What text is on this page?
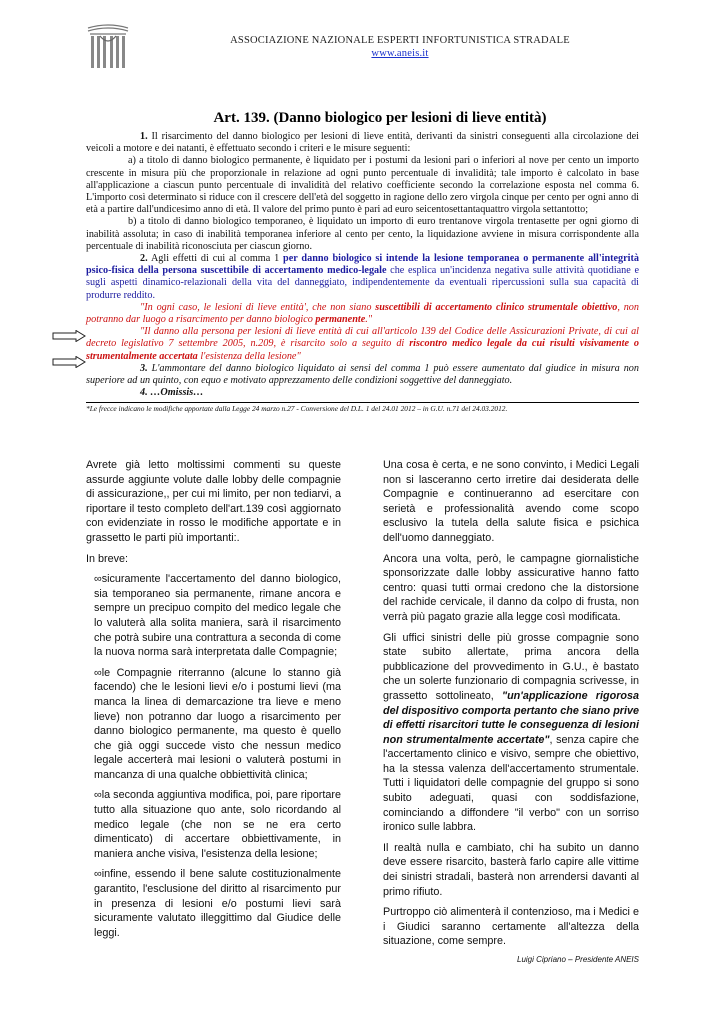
ASSOCIAZIONE NAZIONALE ESPERTI INFORTUNISTICA STRADALE
www.aneis.it
Art. 139. (Danno biologico per lesioni di lieve entità)

1. Il risarcimento del danno biologico per lesioni di lieve entità, derivanti da sinistri conseguenti alla circolazione dei veicoli a motore e dei natanti, è effettuato secondo i criteri e le misure seguenti:

a) a titolo di danno biologico permanente, è liquidato per i postumi da lesioni pari o inferiori al nove per cento un importo crescente in misura più che proporzionale in relazione ad ogni punto percentuale di invalidità; tale importo è calcolato in base all'applicazione a ciascun punto percentuale di invalidità del relativo coefficiente secondo la correlazione esposta nel comma 6. L'importo così determinato si riduce con il crescere dell'età del soggetto in ragione dello zero virgola cinque per cento per ogni anno di età a partire dall'undicesimo anno di età. Il valore del primo punto è pari ad euro seicentosettantaquattro virgola settantotto;

b) a titolo di danno biologico temporaneo, è liquidato un importo di euro trentanove virgola trentasette per ogni giorno di inabilità assoluta; in caso di inabilità temporanea inferiore al cento per cento, la liquidazione avviene in misura corrispondente alla percentuale di inabilità riconosciuta per ciascun giorno.

2. Agli effetti di cui al comma 1 per danno biologico si intende la lesione temporanea o permanente all'integrità psico-fisica della persona suscettibile di accertamento medico-legale che esplica un'incidenza negativa sulle attività quotidiane e sugli aspetti dinamico-relazionali della vita del danneggiato, indipendentemente da eventuali ripercussioni sulla sua capacità di produrre reddito.

"In ogni caso, le lesioni di lieve entità', che non siano suscettibili di accertamento clinico strumentale obiettivo, non potranno dar luogo a risarcimento per danno biologico permanente."

"Il danno alla persona per lesioni di lieve entità di cui all'articolo 139 del Codice delle Assicurazioni Private, di cui al decreto legislativo 7 settembre 2005, n.209, è risarcito solo a seguito di riscontro medico legale da cui risulti visivamente o strumentalmente accertata l'esistenza della lesione"

3. L'ammontare del danno biologico liquidato ai sensi del comma 1 può essere aumentato dal giudice in misura non superiore ad un quinto, con equo e motivato apprezzamento delle condizioni soggettive del danneggiato.

4. …Omissis…

*Le frecce indicano le modifiche apportate dalla Legge 24 marzo n.27 - Conversione del D.L. 1 del 24.01 2012 – in G.U. n.71 del 24.03.2012.

Avrete già letto moltissimi commenti su queste assurde aggiunte volute dalle lobby delle compagnie di assicurazione,, per cui mi limito, per non tediarvi, a riportare il testo completo dell'art.139 così aggiornato con evidenziate in rosso le modifiche apportate e in grassetto le parti più importanti:.

In breve:

∞sicuramente l'accertamento del danno biologico, sia temporaneo sia permanente, rimane ancora e sempre un precipuo compito del medico legale che lo valuterà alla solita maniera, sarà il risarcimento che potrà subire una contrattura a seconda di come la nuova norma sarà interpretata dalle Compagnie;

∞le Compagnie riterranno (alcune lo stanno già facendo) che le lesioni lievi e/o i postumi lievi (ma manca la linea di demarcazione tra lieve e meno lieve) non potranno dar luogo a risarcimento per danno biologico permanente, ma questo è quello che già oggi succede visto che nessun medico legale accerterà mai lesioni o valuterà postumi in mancanza di una qualche obbiettività clinica;

∞la seconda aggiuntiva modifica, poi, pare riportare tutto alla situazione quo ante, solo ricordando al medico legale (che non se ne era certo dimenticato) di accertare obbiettivamente, in maniera anche visiva, l'esistenza della lesione;

∞infine, essendo il bene salute costituzionalmente garantito, l'esclusione del diritto al risarcimento pur in presenza di lesioni e/o postumi lievi sarà sicuramente valutato illeggittimo dal Giudice delle leggi.

Una cosa è certa, e ne sono convinto, i Medici Legali non si lasceranno certo irretire dai desiderata delle Compagnie e continueranno ad esercitare con serietà e professionalità avendo come scopo esclusivo la tutela della salute fisica e psichica dell'uomo danneggiato.

Ancora una volta, però, le campagne giornalistiche sponsorizzate dalle lobby assicurative hanno fatto centro: quasi tutti ormai credono che la distorsione del rachide cervicale, il danno da colpo di frusta, non verrà più pagato grazie alla legge così modificata.

Gli uffici sinistri delle più grosse compagnie sono state subito allertate, prima ancora della pubblicazione del provvedimento in G.U., è bastato che un solerte funzionario di compagnia scrivesse, in grassetto sottolineato, "un'applicazione rigorosa del dispositivo comporta pertanto che siano prive di effetti risarcitori tutte le conseguenza di lesioni non strumentalmente accertate", senza capire che l'accertamento clinico e visivo, sempre che obiettivo, ha la stessa valenza dell'accertamento strumentale. Tutti i liquidatori delle compagnie del gruppo si sono subito adeguati, quasi con soddisfazione, cominciando a diffondere "il verbo" con un sorriso ironico sulle labbra.

Il realtà nulla e cambiato, chi ha subito un danno deve essere risarcito, basterà farlo capire alle vittime dei sinistri stradali, basterà non arrendersi davanti al primo rifiuto.

Purtroppo ciò alimenterà il contenzioso, ma i Medici e i Giudici saranno certamente all'altezza della situazione, come sempre.

Luigi Cipriano – Presidente ANEIS
